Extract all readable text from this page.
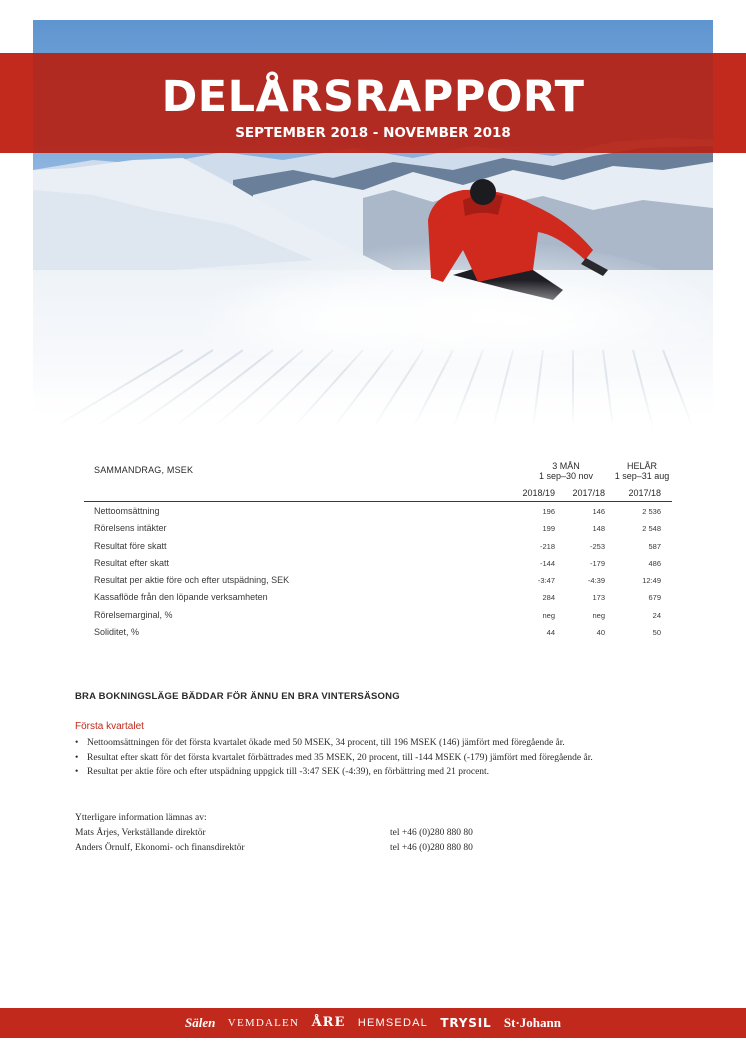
DELÅRSRAPPORT
SEPTEMBER 2018 - NOVEMBER 2018
SAMMANDRAG, MSEK	3 MÅN
1 sep–30 nov
HELÅR
1 sep–31 aug
2018/19	2017/18	2017/18
Nettoomsättning	196	146	2 536
Rörelsens intäkter	199	148	2 548
Resultat före skatt	-218	-253	587
Resultat efter skatt	-144	-179	486
Resultat per aktie före och efter utspädning, SEK	-3:47	-4:39	12:49
Kassaflöde från den löpande verksamheten	284	173	679
Rörelsemarginal, %	neg	neg	24
Soliditet, %	44	40	50
BRA BOKNINGSLÄGE BÄDDAR FÖR ÄNNU EN BRA VINTERSÄSONG
Första kvartalet
• Nettoomsättningen för det första kvartalet ökade med 50 MSEK, 34 procent, till 196 MSEK (146) jämfört med föregående år.
• Resultat efter skatt för det första kvartalet förbättrades med 35 MSEK, 20 procent, till -144 MSEK (-179) jämfört med föregående år.
• Resultat per aktie före och efter utspädning uppgick till -3:47 SEK (-4:39), en förbättring med 21 procent.
Ytterligare information lämnas av:
Mats Årjes, Verkställande direktör	tel +46 (0)280 880 80
Anders Örnulf, Ekonomi- och finansdirektör	tel +46 (0)280 880 80
Sälen VEMDALEN ÅRE HEMSEDAL TRYSIL St·Johann
